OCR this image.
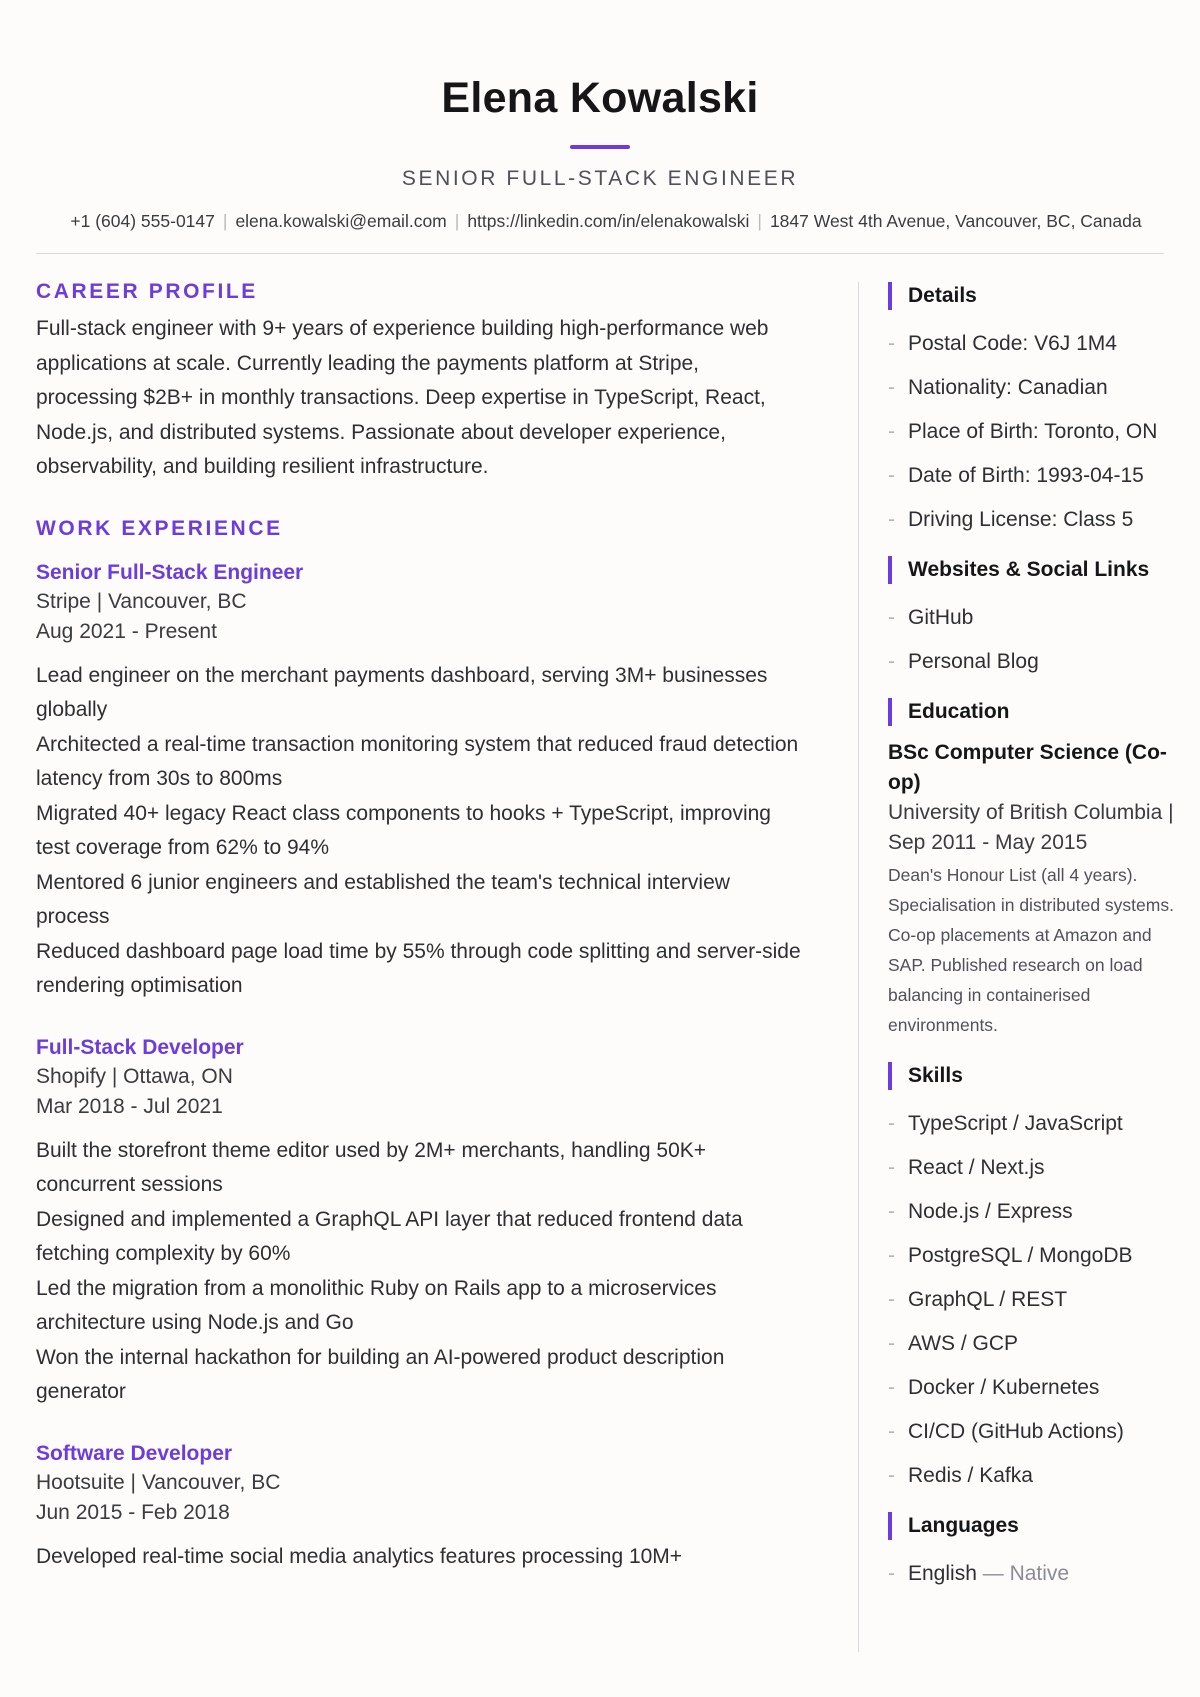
Elena Kowalski
SENIOR FULL-STACK ENGINEER
+1 (604) 555-0147 | elena.kowalski@email.com | https://linkedin.com/in/elenakowalski | 1847 West 4th Avenue, Vancouver, BC, Canada
CAREER PROFILE
Full-stack engineer with 9+ years of experience building high-performance web applications at scale. Currently leading the payments platform at Stripe, processing $2B+ in monthly transactions. Deep expertise in TypeScript, React, Node.js, and distributed systems. Passionate about developer experience, observability, and building resilient infrastructure.
WORK EXPERIENCE
Senior Full-Stack Engineer
Stripe | Vancouver, BC
Aug 2021 - Present
Lead engineer on the merchant payments dashboard, serving 3M+ businesses globally
Architected a real-time transaction monitoring system that reduced fraud detection latency from 30s to 800ms
Migrated 40+ legacy React class components to hooks + TypeScript, improving test coverage from 62% to 94%
Mentored 6 junior engineers and established the team's technical interview process
Reduced dashboard page load time by 55% through code splitting and server-side rendering optimisation
Full-Stack Developer
Shopify | Ottawa, ON
Mar 2018 - Jul 2021
Built the storefront theme editor used by 2M+ merchants, handling 50K+ concurrent sessions
Designed and implemented a GraphQL API layer that reduced frontend data fetching complexity by 60%
Led the migration from a monolithic Ruby on Rails app to a microservices architecture using Node.js and Go
Won the internal hackathon for building an AI-powered product description generator
Software Developer
Hootsuite | Vancouver, BC
Jun 2015 - Feb 2018
Developed real-time social media analytics features processing 10M+
Details
- Postal Code: V6J 1M4
- Nationality: Canadian
- Place of Birth: Toronto, ON
- Date of Birth: 1993-04-15
- Driving License: Class 5
Websites & Social Links
- GitHub
- Personal Blog
Education
BSc Computer Science (Co-op)
University of British Columbia | Sep 2011 - May 2015
Dean's Honour List (all 4 years). Specialisation in distributed systems. Co-op placements at Amazon and SAP. Published research on load balancing in containerised environments.
Skills
- TypeScript / JavaScript
- React / Next.js
- Node.js / Express
- PostgreSQL / MongoDB
- GraphQL / REST
- AWS / GCP
- Docker / Kubernetes
- CI/CD (GitHub Actions)
- Redis / Kafka
Languages
- English — Native
